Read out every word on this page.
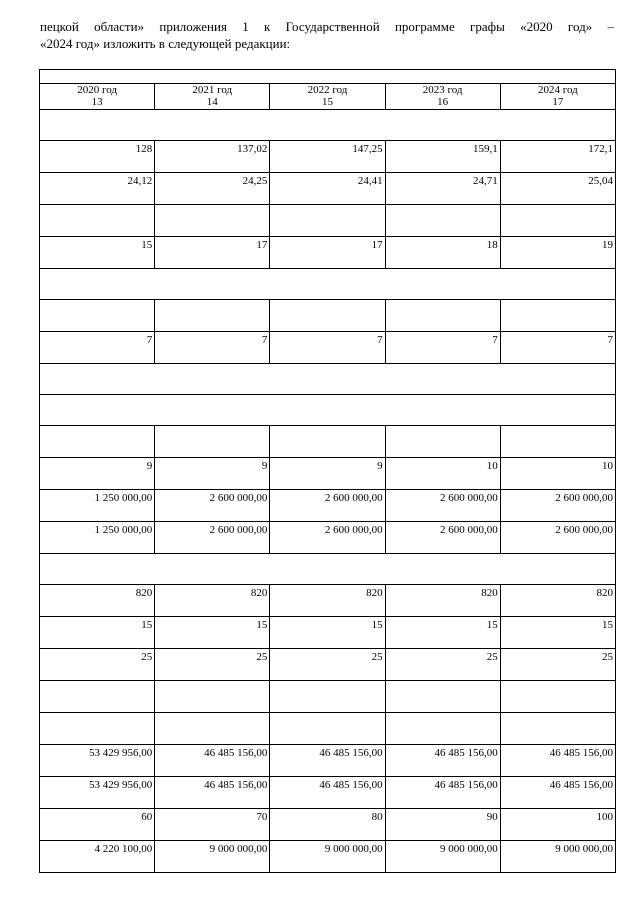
пецкой области» приложения 1 к Государственной программе графы «2020 год» –

«2024 год» изложить в следующей редакции:

2020 год	2021 год	2022 год	2023 год	2024 год
13	14	15	16	17

128	137,02	147,25	159,1	172,1
24,12	24,25	24,41	24,71	25,04

15	17	17	18	19

7	7	7	7	7

9	9	9	10	10
1 250 000,00	2 600 000,00	2 600 000,00	2 600 000,00	2 600 000,00
1 250 000,00	2 600 000,00	2 600 000,00	2 600 000,00	2 600 000,00

820	820	820	820	820
15	15	15	15	15
25	25	25	25	25

53 429 956,00	46 485 156,00	46 485 156,00	46 485 156,00	46 485 156,00
53 429 956,00	46 485 156,00	46 485 156,00	46 485 156,00	46 485 156,00
60	70	80	90	100
4 220 100,00	9 000 000,00	9 000 000,00	9 000 000,00	9 000 000,00
